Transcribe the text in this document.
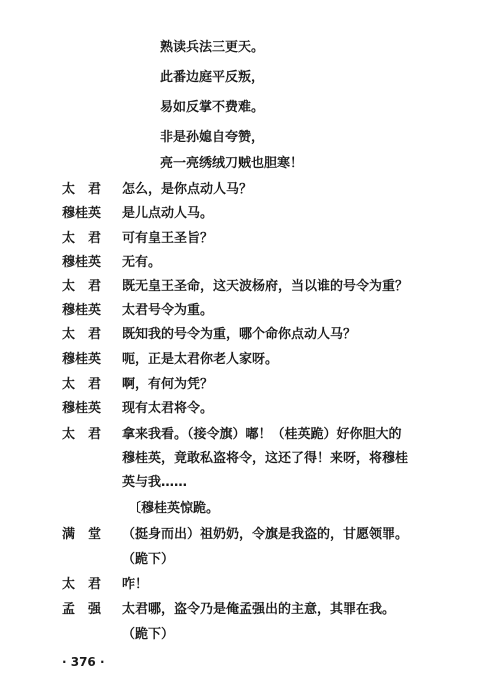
熟读兵法三更天。
此番边庭平反叛，
易如反掌不费难。
非是孙媳自夸赞，
亮一亮绣绒刀贼也胆寒！
太　君 怎么，是你点动人马？
穆桂英 是儿点动人马。
太　君 可有皇王圣旨？
穆桂英 无有。
太　君 既无皇王圣命，这天波杨府，当以谁的号令为重？
穆桂英 太君号令为重。
太　君 既知我的号令为重，哪个命你点动人马？
穆桂英 呃，正是太君你老人家呀。
太　君 啊，有何为凭？
穆桂英 现有太君将令。
太　君 拿来我看。（接令旗）嘟！（桂英跪）好你胆大的
穆桂英，竟敢私盗将令，这还了得！来呀，将穆桂
英与我……
〔穆桂英惊跪。
满　堂 （挺身而出）祖奶奶，令旗是我盗的，甘愿领罪。
（跪下）
太　君 咋！
孟　强 太君哪，盗令乃是俺孟强出的主意，其罪在我。
（跪下）
· 376 ·
